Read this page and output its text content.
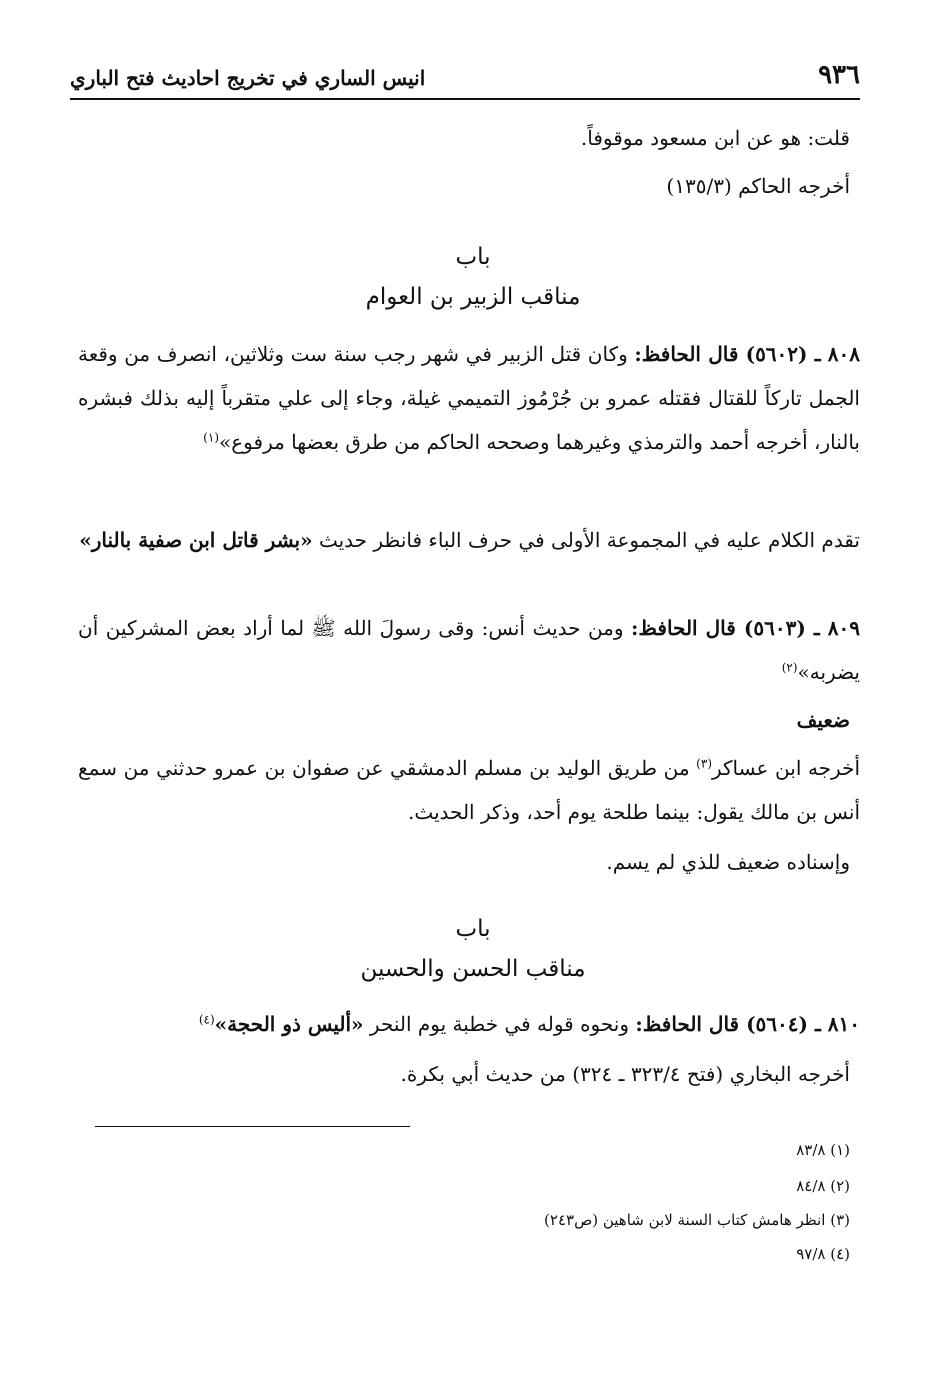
٩٣٦
انيس الساري في تخريج احاديث فتح الباري
قلت: هو عن ابن مسعود موقوفاً.
أخرجه الحاكم (١٣٥/٣)
باب
مناقب الزبير بن العوام
٨٠٨ ـ (٥٦٠٢) قال الحافظ: وكان قتل الزبير في شهر رجب سنة ست وثلاثين، انصرف من وقعة الجمل تاركاً للقتال فقتله عمرو بن جُرْمُوز التميمي غيلة، وجاء إلى علي متقرباً إليه بذلك فبشره بالنار، أخرجه أحمد والترمذي وغيرهما وصححه الحاكم من طرق بعضها مرفوع»$^{(١)}$
تقدم الكلام عليه في المجموعة الأولى في حرف الباء فانظر حديث «بشر قاتل ابن صفية بالنار»
٨٠٩ ـ (٥٦٠٣) قال الحافظ: ومن حديث أنس: وقى رسولَ الله ﷺ لما أراد بعض المشركين أن يضربه»$^{(٢)}$
ضعيف
أخرجه ابن عساكر$^{(٣)}$ من طريق الوليد بن مسلم الدمشقي عن صفوان بن عمرو حدثني من سمع أنس بن مالك يقول: بينما طلحة يوم أحد، وذكر الحديث.
وإسناده ضعيف للذي لم يسم.
باب
مناقب الحسن والحسين
٨١٠ ـ (٥٦٠٤) قال الحافظ: ونحوه قوله في خطبة يوم النحر «أليس ذو الحجة»$^{(٤)}$
أخرجه البخاري (فتح ٣٢٣/٤ ـ ٣٢٤) من حديث أبي بكرة.
(١) ٨٣/٨
(٢) ٨٤/٨
(٣) انظر هامش كتاب السنة لابن شاهين (ص٢٤٣)
(٤) ٩٧/٨
